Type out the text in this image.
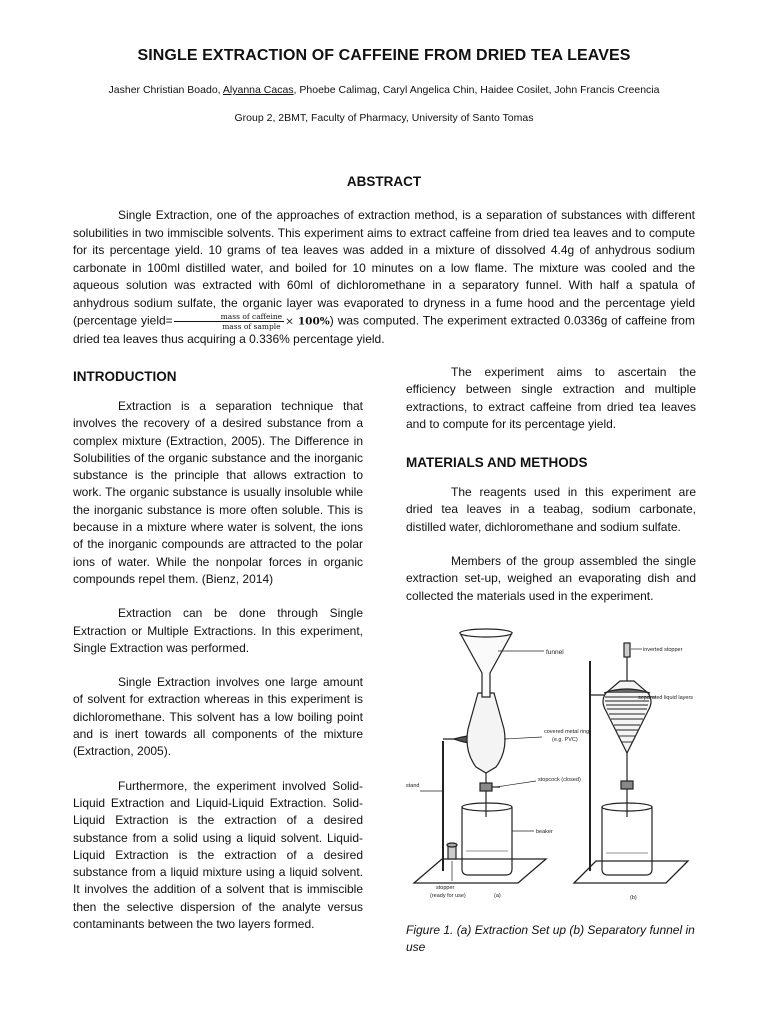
SINGLE EXTRACTION OF CAFFEINE FROM DRIED TEA LEAVES
Jasher Christian Boado, Alyanna Cacas, Phoebe Calimag, Caryl Angelica Chin, Haidee Cosilet, John Francis Creencia
Group 2, 2BMT, Faculty of Pharmacy, University of Santo Tomas
ABSTRACT
Single Extraction, one of the approaches of extraction method, is a separation of substances with different solubilities in two immiscible solvents. This experiment aims to extract caffeine from dried tea leaves and to compute for its percentage yield. 10 grams of tea leaves was added in a mixture of dissolved 4.4g of anhydrous sodium carbonate in 100ml distilled water, and boiled for 10 minutes on a low flame. The mixture was cooled and the aqueous solution was extracted with 60ml of dichloromethane in a separatory funnel. With half a spatula of anhydrous sodium sulfate, the organic layer was evaporated to dryness in a fume hood and the percentage yield (percentage yield= $\frac{\text{mass of caffeine}}{\text{mass of sample}} \times 100\%$) was computed. The experiment extracted 0.0336g of caffeine from dried tea leaves thus acquiring a 0.336% percentage yield.
INTRODUCTION

Extraction is a separation technique that involves the recovery of a desired substance from a complex mixture (Extraction, 2005). The Difference in Solubilities of the organic substance and the inorganic substance is the principle that allows extraction to work. The organic substance is usually insoluble while the inorganic substance is more often soluble. This is because in a mixture where water is solvent, the ions of the inorganic compounds are attracted to the polar ions of water. While the nonpolar forces in organic compounds repel them. (Bienz, 2014)

Extraction can be done through Single Extraction or Multiple Extractions. In this experiment, Single Extraction was performed.

Single Extraction involves one large amount of solvent for extraction whereas in this experiment is dichloromethane. This solvent has a low boiling point and is inert towards all components of the mixture (Extraction, 2005).

Furthermore, the experiment involved Solid-Liquid Extraction and Liquid-Liquid Extraction. Solid-Liquid Extraction is the extraction of a desired substance from a solid using a liquid solvent. Liquid-Liquid Extraction is the extraction of a desired substance from a liquid mixture using a liquid solvent. It involves the addition of a solvent that is immiscible then the selective dispersion of the analyte versus contaminants between the two layers formed.

The experiment aims to ascertain the efficiency between single extraction and multiple extractions, to extract caffeine from dried tea leaves and to compute for its percentage yield.

MATERIALS AND METHODS

The reagents used in this experiment are dried tea leaves in a teabag, sodium carbonate, distilled water, dichloromethane and sodium sulfate.

Members of the group assembled the single extraction set-up, weighed an evaporating dish and collected the materials used in the experiment.

funnel
covered metal ring
(e.g. PVC)
stopcock (closed)
stand
beaker
stopper
(ready for use)	(a)
inverted stopper
separated liquid layers
(b)
Figure 1. (a) Extraction Set up (b) Separatory funnel in use
